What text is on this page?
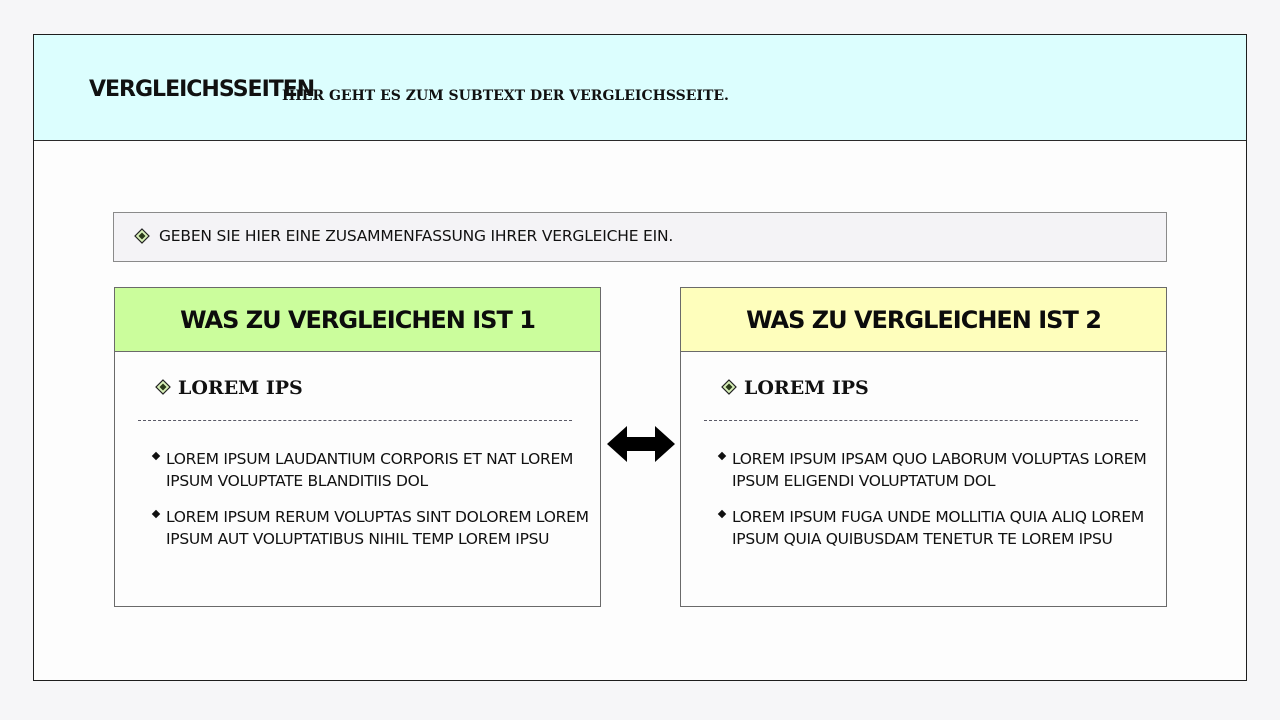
VERGLEICHSSEITEN
HIER GEHT ES ZUM SUBTEXT DER VERGLEICHSSEITE.
GEBEN SIE HIER EINE ZUSAMMENFASSUNG IHRER VERGLEICHE EIN.
WAS ZU VERGLEICHEN IST 1
LOREM IPS
LOREM IPSUM LAUDANTIUM CORPORIS ET NAT LOREM IPSUM VOLUPTATE BLANDITIIS DOL
LOREM IPSUM RERUM VOLUPTAS SINT DOLOREM LOREM IPSUM AUT VOLUPTATIBUS NIHIL TEMP LOREM IPSU
WAS ZU VERGLEICHEN IST 2
LOREM IPS
LOREM IPSUM IPSAM QUO LABORUM VOLUPTAS LOREM IPSUM ELIGENDI VOLUPTATUM DOL
LOREM IPSUM FUGA UNDE MOLLITIA QUIA ALIQ LOREM IPSUM QUIA QUIBUSDAM TENETUR TE LOREM IPSU
